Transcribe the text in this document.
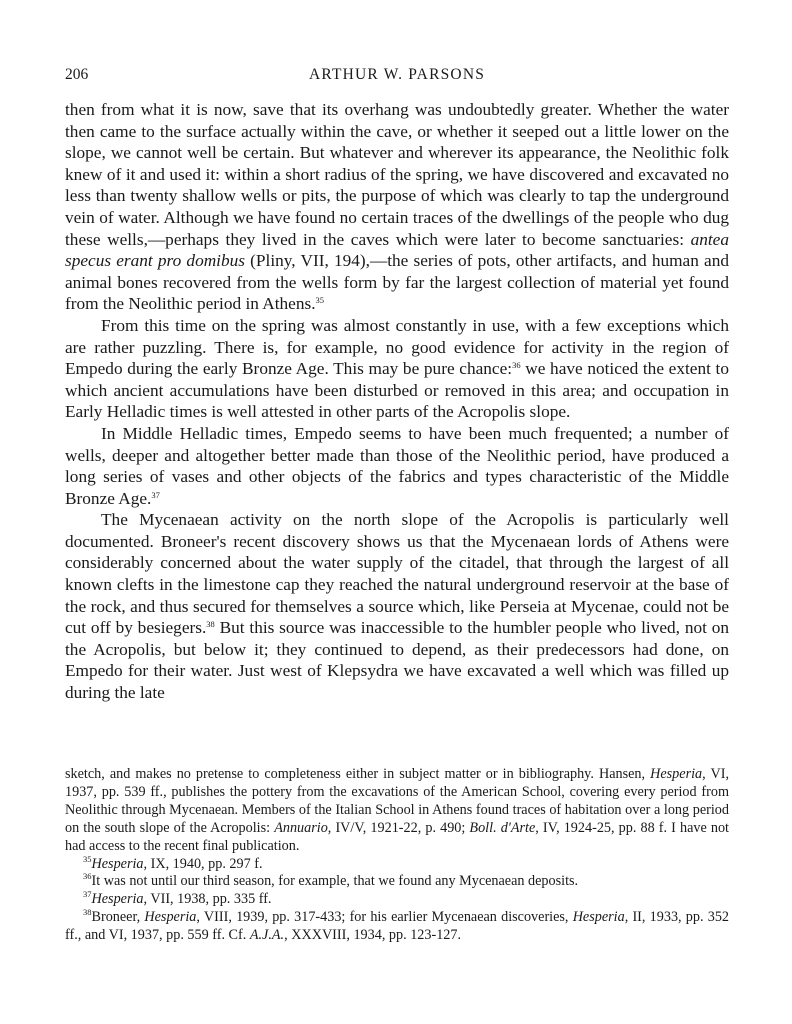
206	ARTHUR W. PARSONS

then from what it is now, save that its overhang was undoubtedly greater. Whether the water then came to the surface actually within the cave, or whether it seeped out a little lower on the slope, we cannot well be certain. But whatever and wherever its appearance, the Neolithic folk knew of it and used it: within a short radius of the spring, we have discovered and excavated no less than twenty shallow wells or pits, the purpose of which was clearly to tap the underground vein of water. Although we have found no certain traces of the dwellings of the people who dug these wells,—perhaps they lived in the caves which were later to become sanctuaries: antea specus erant pro domibus (Pliny, VII, 194),—the series of pots, other artifacts, and human and animal bones recovered from the wells form by far the largest collection of material yet found from the Neolithic period in Athens.$^{35}$

From this time on the spring was almost constantly in use, with a few exceptions which are rather puzzling. There is, for example, no good evidence for activity in the region of Empedo during the early Bronze Age. This may be pure chance:$^{36}$ we have noticed the extent to which ancient accumulations have been disturbed or removed in this area; and occupation in Early Helladic times is well attested in other parts of the Acropolis slope.

In Middle Helladic times, Empedo seems to have been much frequented; a number of wells, deeper and altogether better made than those of the Neolithic period, have produced a long series of vases and other objects of the fabrics and types characteristic of the Middle Bronze Age.$^{37}$

The Mycenaean activity on the north slope of the Acropolis is particularly well documented. Broneer's recent discovery shows us that the Mycenaean lords of Athens were considerably concerned about the water supply of the citadel, that through the largest of all known clefts in the limestone cap they reached the natural underground reservoir at the base of the rock, and thus secured for themselves a source which, like Perseia at Mycenae, could not be cut off by besiegers.$^{38}$ But this source was inaccessible to the humbler people who lived, not on the Acropolis, but below it; they continued to depend, as their predecessors had done, on Empedo for their water. Just west of Klepsydra we have excavated a well which was filled up during the late

sketch, and makes no pretense to completeness either in subject matter or in bibliography. Hansen, Hesperia, VI, 1937, pp. 539 ff., publishes the pottery from the excavations of the American School, covering every period from Neolithic through Mycenaean. Members of the Italian School in Athens found traces of habitation over a long period on the south slope of the Acropolis: Annuario, IV/V, 1921-22, p. 490; Boll. d'Arte, IV, 1924-25, pp. 88 f. I have not had access to the recent final publication.

$^{35}$Hesperia, IX, 1940, pp. 297 f.

$^{36}$It was not until our third season, for example, that we found any Mycenaean deposits.

$^{37}$Hesperia, VII, 1938, pp. 335 ff.

$^{38}$Broneer, Hesperia, VIII, 1939, pp. 317-433; for his earlier Mycenaean discoveries, Hesperia, II, 1933, pp. 352 ff., and VI, 1937, pp. 559 ff. Cf. A.J.A., XXXVIII, 1934, pp. 123-127.
